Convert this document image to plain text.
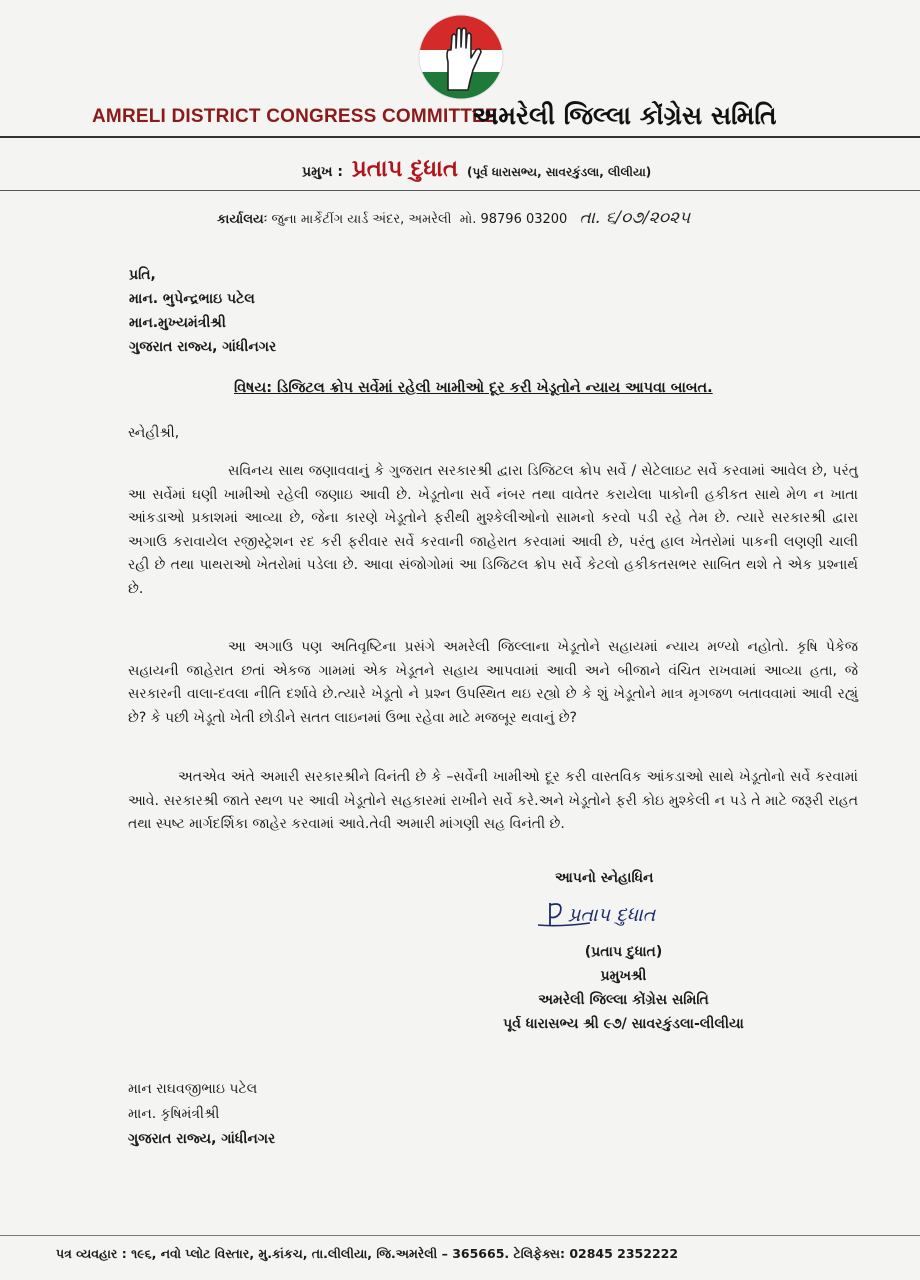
AMRELI DISTRICT CONGRESS COMMITTEE
અમરેલી જિલ્લા કોંગ્રેસ સમિતિ
પ્રમુખ : પ્રતાપ દુધાત (પૂર્વ ધારાસભ્ય, સાવરકુંડલા, લીલીયા)
કાર્યાલયઃ જુના માર્કેટીંગ યાર્ડ અંદર, અમરેલી મો. 98796 03200 તા. ૬/૦૭/૨૦૨૫
પ્રતિ,
માન. ભુપેન્દ્રભાઇ પટેલ
માન.મુખ્યમંત્રીશ્રી
ગુજરાત રાજ્ય, ગાંધીનગર
વિષય: ડિજિટલ ક્રોપ સર્વેમાં રહેલી ખામીઓ દૂર કરી ખેડૂતોને ન્યાય આપવા બાબત.
સ્નેહીશ્રી,

સવિનય સાથ જણાવવાનું કે ગુજરાત સરકારશ્રી દ્વારા ડિજિટલ ક્રોપ સર્વે / સેટેલાઇટ સર્વે કરવામાં આવેલ છે, પરંતુ આ સર્વેમાં ઘણી ખામીઓ રહેલી જણાઇ આવી છે. ખેડૂતોના સર્વે નંબર તથા વાવેતર કરાયેલા પાકોની હકીકત સાથે મેળ ન ખાતા આંકડાઓ પ્રકાશમાં આવ્યા છે, જેના કારણે ખેડૂતોને ફરીથી મુશ્કેલીઓનો સામનો કરવો પડી રહે તેમ છે. ત્યારે સરકારશ્રી દ્વારા અગાઉ કરાવાયેલ રજીસ્ટ્રેશન રદ કરી ફરીવાર સર્વે કરવાની જાહેરાત કરવામાં આવી છે, પરંતુ હાલ ખેતરોમાં પાકની લણણી ચાલી રહી છે તથા પાથરાઓ ખેતરોમાં પડેલા છે. આવા સંજોગોમાં આ ડિજિટલ ક્રોપ સર્વે કેટલો હકીકતસભર સાબિત થશે તે એક પ્રશ્નાર્થ છે.

આ અગાઉ પણ અતિવૃષ્ટિના પ્રસંગે અમરેલી જિલ્લાના ખેડૂતોને સહાયમાં ન્યાય મળ્યો નહોતો. કૃષિ પેકેજ સહાયની જાહેરાત છતાં એકજ ગામમાં એક ખેડૂતને સહાય આપવામાં આવી અને બીજાને વંચિત રાખવામાં આવ્યા હતા, જે સરકારની વાલા-દવલા નીતિ દર્શાવે છે.ત્યારે ખેડૂતો ને પ્રશ્ન ઉપસ્થિત થઇ રહ્યો છે કે શું ખેડૂતોને માત્ર મૃગજળ બતાવવામાં આવી રહ્યું છે? કે પછી ખેડૂતો ખેતી છોડીને સતત લાઇનમાં ઉભા રહેવા માટે મજબૂર થવાનું છે?

અતએવ અંતે અમારી સરકારશ્રીને વિનંતી છે કે –સર્વેની ખામીઓ દૂર કરી વાસ્તવિક આંકડાઓ સાથે ખેડૂતોનો સર્વે કરવામાં આવે. સરકારશ્રી જાતે સ્થળ પર આવી ખેડૂતોને સહકારમાં રાખીને સર્વે કરે.અને ખેડૂતોને ફરી કોઇ મુશ્કેલી ન પડે તે માટે જરૂરી રાહત તથા સ્પષ્ટ માર્ગદર્શિકા જાહેર કરવામાં આવે.તેવી અમારી માંગણી સહ વિનંતી છે.

આપનો સ્નેહાધિન
પ્રતાપ દુધાત
(પ્રતાપ દુધાત)
પ્રમુખશ્રી
અમરેલી જિલ્લા કોંગ્રેસ સમિતિ
પૂર્વ ધારાસભ્ય શ્રી ૯૭/ સાવરકુંડલા-લીલીયા
માન રાઘવજીભાઇ પટેલ
માન. કૃષિમંત્રીશ્રી
ગુજરાત રાજ્ય, ગાંધીનગર
પત્ર વ્યવહાર : ૧૯૬, નવો પ્લોટ વિસ્તાર, મુ.કાંકચ, તા.લીલીયા, જિ.અમરેલી – 365665. ટેલિફેક્સ: 02845 2352222
